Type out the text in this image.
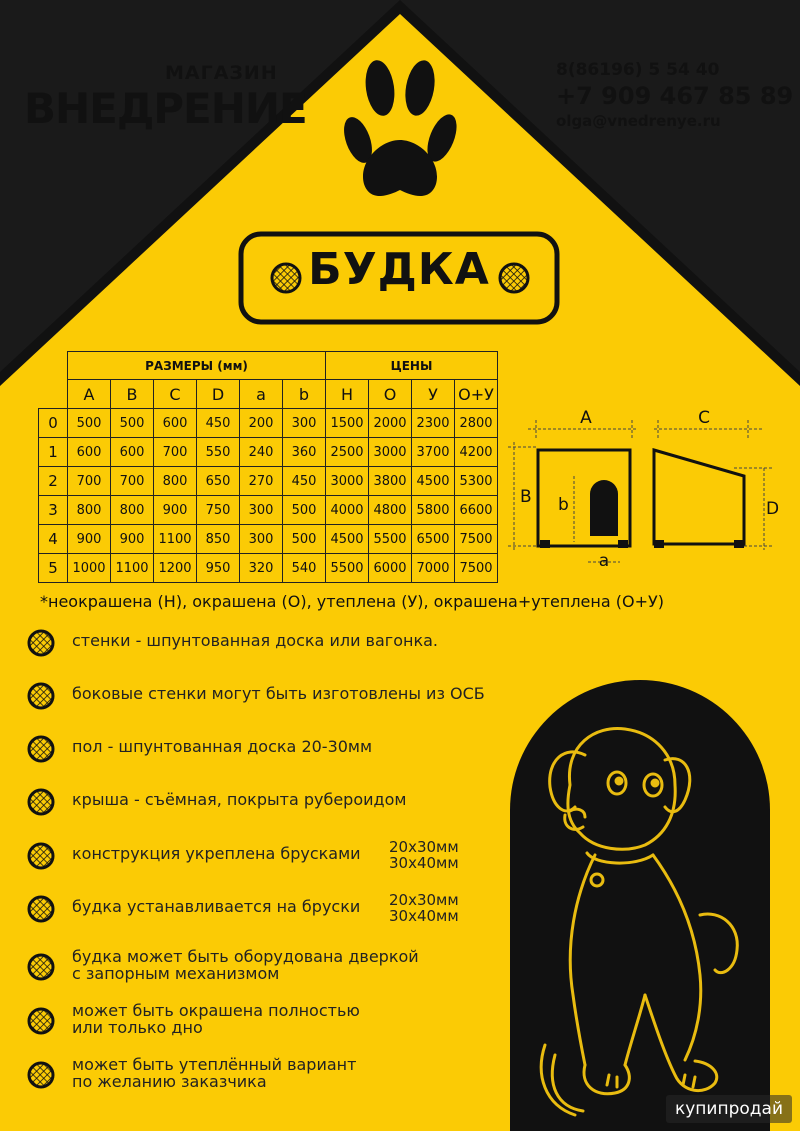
МАГАЗИН
ВНЕДРЕНИЕ
8(86196) 5 54 40
+7 909 467 85 89
olga@vnedrenye.ru
БУДКА
	РАЗМЕРЫ (мм)						ЦЕНЫ			
	A	B	C	D	a	b	Н	О	У	О+У
0	500	500	600	450	200	300	1500	2000	2300	2800
1	600	600	700	550	240	360	2500	3000	3700	4200
2	700	700	800	650	270	450	3000	3800	4500	5300
3	800	800	900	750	300	500	4000	4800	5800	6600
4	900	900	1100	850	300	500	4500	5500	6500	7500
5	1000	1100	1200	950	320	540	5500	6000	7000	7500
A
B b
a
C
D
*неокрашена (Н), окрашена (О), утеплена (У), окрашена+утеплена (О+У)
стенки - шпунтованная доска или вагонка.
боковые стенки могут быть изготовлены из ОСБ
пол - шпунтованная доска 20-30мм
крыша - съёмная, покрыта рубероидом
конструкция укреплена брусками 20х30мм
30х40мм
будка устанавливается на бруски 20х30мм
30х40мм
будка может быть оборудована дверкой
с запорным механизмом
может быть окрашена полностью
или только дно
может быть утеплённый вариант
по желанию заказчика
купипродай
